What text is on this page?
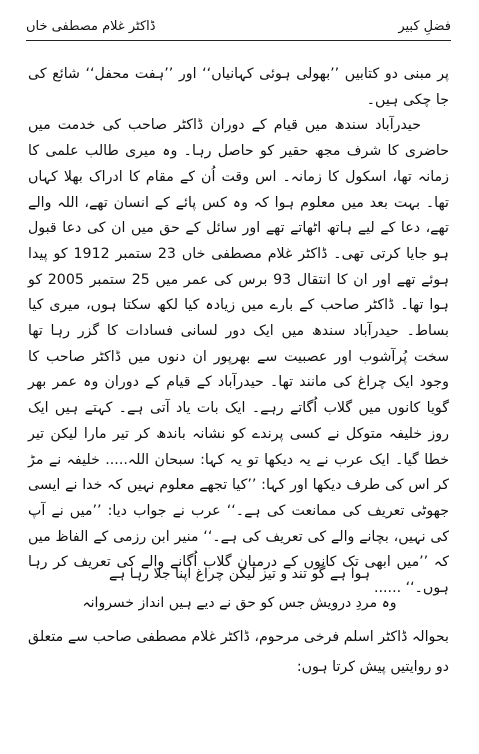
فضلِ کبیر
ڈاکٹر غلام مصطفی خاں

پر مبنی دو کتابیں ’’بھولی ہوئی کہانیاں‘‘ اور ’’ہفت محفل‘‘ شائع کی جا چکی ہیں۔

حیدرآباد سندھ میں قیام کے دوران ڈاکٹر صاحب کی خدمت میں حاضری کا شرف مجھ حقیر کو حاصل رہا۔ وہ میری طالب علمی کا زمانہ تھا، اسکول کا زمانہ۔ اس وقت اُن کے مقام کا ادراک بھلا کہاں تھا۔ بہت بعد میں معلوم ہوا کہ وہ کس پائے کے انسان تھے، اللہ والے تھے، دعا کے لیے ہاتھ اٹھاتے تھے اور سائل کے حق میں ان کی دعا قبول ہو جایا کرتی تھی۔ ڈاکٹر غلام مصطفی خاں 23 ستمبر 1912 کو پیدا ہوئے تھے اور ان کا انتقال 93 برس کی عمر میں 25 ستمبر 2005 کو ہوا تھا۔ ڈاکٹر صاحب کے بارے میں زیادہ کیا لکھ سکتا ہوں، میری کیا بساط۔ حیدرآباد سندھ میں ایک دور لسانی فسادات کا گزر رہا تھا سخت پُرآشوب اور عصبیت سے بھرپور ان دنوں میں ڈاکٹر صاحب کا وجود ایک چراغ کی مانند تھا۔ حیدرآباد کے قیام کے دوران وہ عمر بھر گویا کانوں میں گلاب اُگاتے رہے۔ ایک بات یاد آتی ہے۔ کہتے ہیں ایک روز خلیفہ متوکل نے کسی پرندے کو نشانہ باندھ کر تیر مارا لیکن تیر خطا گیا۔ ایک عرب نے یہ دیکھا تو یہ کہا: سبحان اللہ..... خلیفہ نے مڑ کر اس کی طرف دیکھا اور کہا: ’’کیا تجھے معلوم نہیں کہ خدا نے ایسی جھوٹی تعریف کی ممانعت کی ہے۔‘‘ عرب نے جواب دیا: ’’میں نے آپ کی نہیں، بچانے والے کی تعریف کی ہے۔‘‘ منیر ابن رزمی کے الفاظ میں کہ ’’میں ابھی تک کانوں کے درمیان گلاب اُگانے والے کی تعریف کر رہا ہوں۔‘‘ ......

ہوا ہے گو تند و تیز لیکن چراغ اپنا جلا رہا ہے
وہ مردِ درویش جس کو حق نے دیے ہیں انداز خسروانہ
بحوالہ ڈاکٹر اسلم فرخی مرحوم، ڈاکٹر غلام مصطفی صاحب سے متعلق دو روایتیں پیش کرتا ہوں:
